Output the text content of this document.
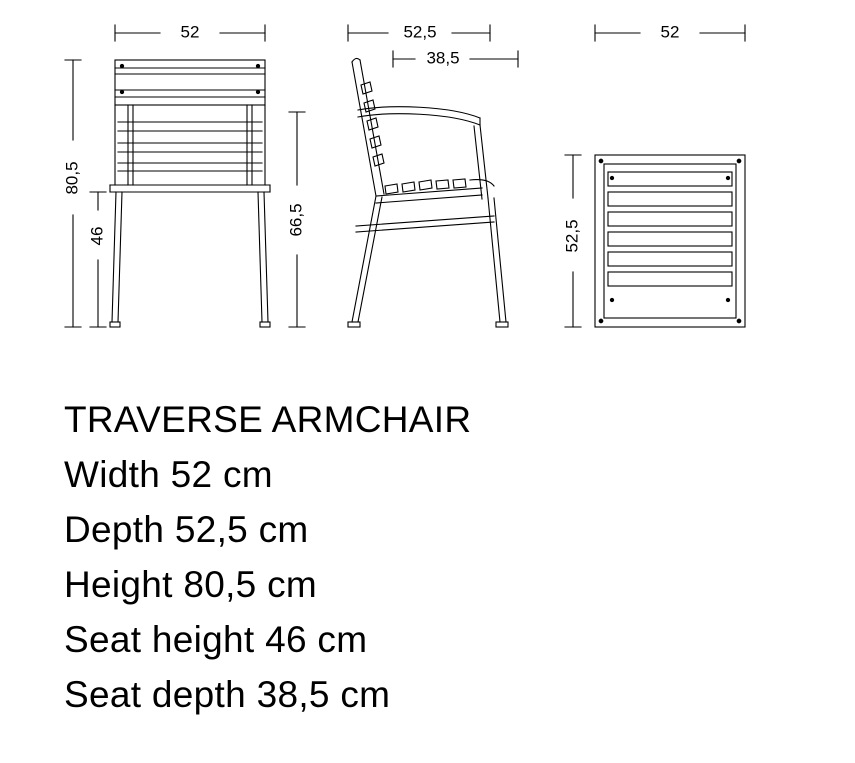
52
80,5
46	66,5
52,5
38,5
52
52,5
TRAVERSE ARMCHAIR
Width 52 cm
Depth 52,5 cm
Height 80,5 cm
Seat height 46 cm
Seat depth 38,5 cm
